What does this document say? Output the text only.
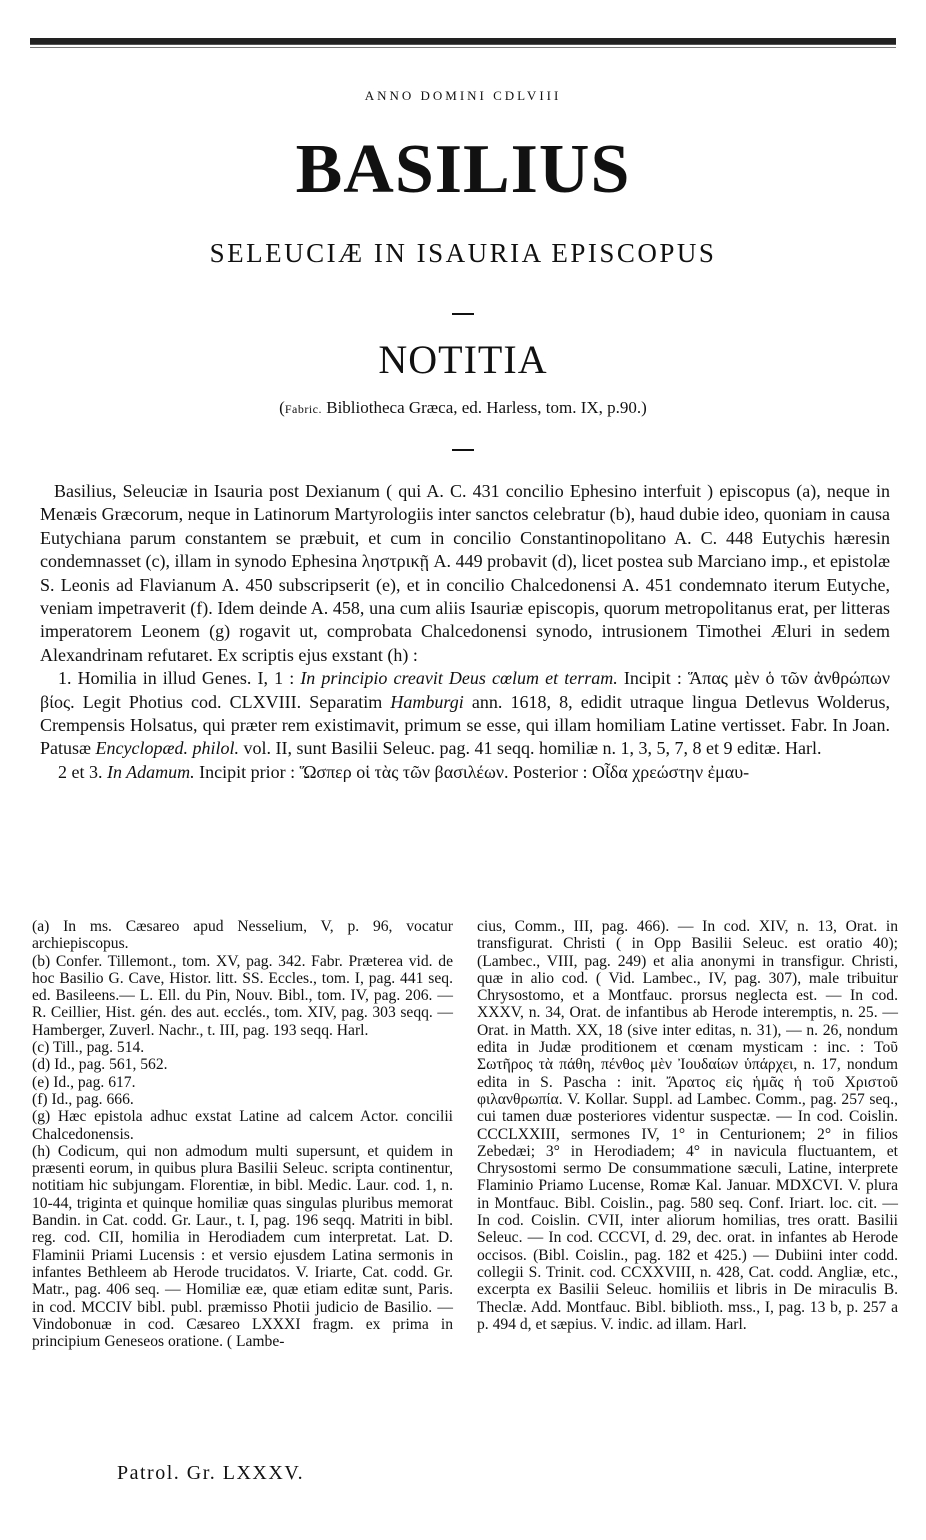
ANNO DOMINI CDLVIII
BASILIUS
SELEUCIÆ IN ISAURIA EPISCOPUS
NOTITIA
(Fabric. Bibliotheca Græca, ed. Harless, tom. IX, p.90.)

Basilius, Seleuciæ in Isauria post Dexianum ( qui A. C. 431 concilio Ephesino interfuit ) episcopus (a), neque in Menæis Græcorum, neque in Latinorum Martyrologiis inter sanctos celebratur (b), haud dubie ideo, quoniam in causa Eutychiana parum constantem se præbuit, et cum in concilio Constantinopolitano A. C. 448 Eutychis hæresin condemnasset (c), illam in synodo Ephesina ληστρικῇ A. 449 probavit (d), licet postea sub Marciano imp., et epistolæ S. Leonis ad Flavianum A. 450 subscripserit (e), et in concilio Chalcedonensi A. 451 condemnato iterum Eutyche, veniam impetraverit (f). Idem deinde A. 458, una cum aliis Isauriæ episcopis, quorum metropolitanus erat, per litteras imperatorem Leonem (g) rogavit ut, comprobata Chalcedonensi synodo, intrusionem Timothei Æluri in sedem Alexandrinam refutaret. Ex scriptis ejus exstant (h) :

1. Homilia in illud Genes. I, 1 : In principio creavit Deus cœlum et terram. Incipit : Ἅπας μὲν ὁ τῶν ἀνθρώπων βίος. Legit Photius cod. CLXVIII. Separatim Hamburgi ann. 1618, 8, edidit utraque lingua Detlevus Wolderus, Crempensis Holsatus, qui præter rem existimavit, primum se esse, qui illam homiliam Latine vertisset. Fabr. In Joan. Patusæ Encyclopæd. philol. vol. II, sunt Basilii Seleuc. pag. 41 seqq. homiliæ n. 1, 3, 5, 7, 8 et 9 editæ. Harl.

2 et 3. In Adamum. Incipit prior : Ὥσπερ οἱ τὰς τῶν βασιλέων. Posterior : Οἶδα χρεώστην ἐμαυ-

(a) In ms. Cæsareo apud Nesselium, V, p. 96, vocatur archiepiscopus.

(b) Confer. Tillemont., tom. XV, pag. 342. Fabr. Præterea vid. de hoc Basilio G. Cave, Histor. litt. SS. Eccles., tom. I, pag. 441 seq. ed. Basileens.— L. Ell. du Pin, Nouv. Bibl., tom. IV, pag. 206. — R. Ceillier, Hist. gén. des aut. ecclés., tom. XIV, pag. 303 seqq. — Hamberger, Zuverl. Nachr., t. III, pag. 193 seqq. Harl.

(c) Till., pag. 514.

(d) Id., pag. 561, 562.

(e) Id., pag. 617.

(f) Id., pag. 666.

(g) Hæc epistola adhuc exstat Latine ad calcem Actor. concilii Chalcedonensis.

(h) Codicum, qui non admodum multi supersunt, et quidem in præsenti eorum, in quibus plura Basilii Seleuc. scripta continentur, notitiam hic subjungam. Florentiæ, in bibl. Medic. Laur. cod. 1, n. 10-44, triginta et quinque homiliæ quas singulas pluribus memorat Bandin. in Cat. codd. Gr. Laur., t. I, pag. 196 seqq. Matriti in bibl. reg. cod. CII, homilia in Herodiadem cum interpretat. Lat. D. Flaminii Priami Lucensis : et versio ejusdem Latina sermonis in infantes Bethleem ab Herode trucidatos. V. Iriarte, Cat. codd. Gr. Matr., pag. 406 seq. — Homiliæ eæ, quæ etiam editæ sunt, Paris. in cod. MCCIV bibl. publ. præmisso Photii judicio de Basilio. — Vindobonuæ in cod. Cæsareo LXXXI fragm. ex prima in principium Geneseos oratione. ( Lambe-

cius, Comm., III, pag. 466). — In cod. XIV, n. 13, Orat. in transfigurat. Christi ( in Opp Basilii Seleuc. est oratio 40); (Lambec., VIII, pag. 249) et alia anonymi in transfigur. Christi, quæ in alio cod. ( Vid. Lambec., IV, pag. 307), male tribuitur Chrysostomo, et a Montfauc. prorsus neglecta est. — In cod. XXXV, n. 34, Orat. de infantibus ab Herode interemptis, n. 25. — Orat. in Matth. XX, 18 (sive inter editas, n. 31), — n. 26, nondum edita in Judæ proditionem et cœnam mysticam : inc. : Τοῦ Σωτῆρος τὰ πάθη, πένθος μὲν Ἰουδαίων ὑπάρχει, n. 17, nondum edita in S. Pascha : init. Ἄρατος εἰς ἡμᾶς ἡ τοῦ Χριστοῦ φιλανθρωπία. V. Kollar. Suppl. ad Lambec. Comm., pag. 257 seq., cui tamen duæ posteriores videntur suspectæ. — In cod. Coislin. CCCLXXIII, sermones IV, 1° in Centurionem; 2° in filios Zebedæi; 3° in Herodiadem; 4° in navicula fluctuantem, et Chrysostomi sermo De consummatione sæculi, Latine, interprete Flaminio Priamo Lucense, Romæ Kal. Januar. MDXCVI. V. plura in Montfauc. Bibl. Coislin., pag. 580 seq. Conf. Iriart. loc. cit. — In cod. Coislin. CVII, inter aliorum homilias, tres oratt. Basilii Seleuc. — In cod. CCCVI, d. 29, dec. orat. in infantes ab Herode occisos. (Bibl. Coislin., pag. 182 et 425.) — Dubiini inter codd. collegii S. Trinit. cod. CCXXVIII, n. 428, Cat. codd. Angliæ, etc., excerpta ex Basilii Seleuc. homiliis et libris in De miraculis B. Theclæ. Add. Montfauc. Bibl. biblioth. mss., I, pag. 13 b, p. 257 a p. 494 d, et sæpius. V. indic. ad illam. Harl.

Patrol. Gr. LXXXV.
